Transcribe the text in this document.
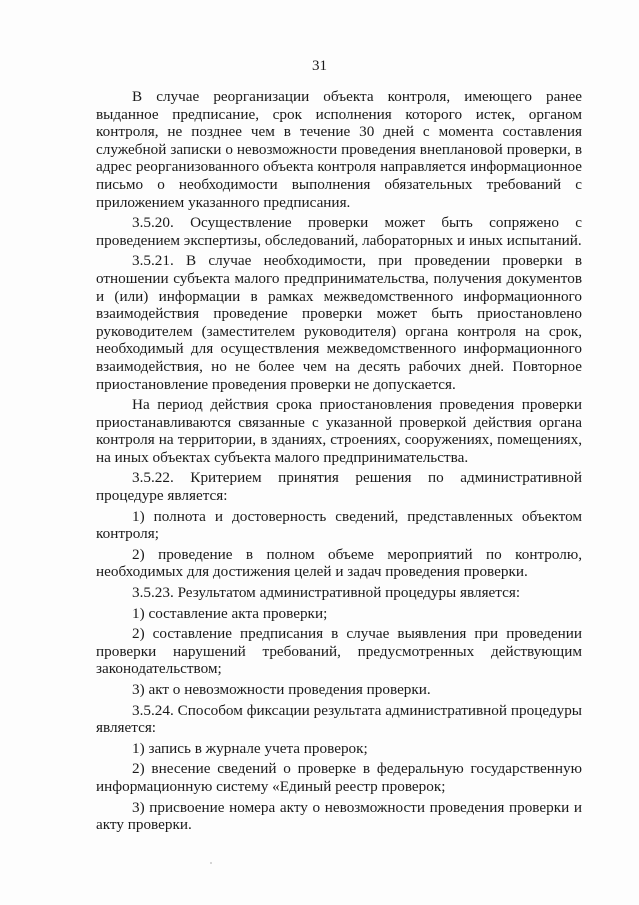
31

В случае реорганизации объекта контроля, имеющего ранее выданное предписание, срок исполнения которого истек, органом контроля, не позднее чем в течение 30 дней с момента составления служебной записки о невозможности проведения внеплановой проверки, в адрес реорганизованного объекта контроля направляется информационное письмо о необходимости выполнения обязательных требований с приложением указанного предписания.

3.5.20. Осуществление проверки может быть сопряжено с проведением экспертизы, обследований, лабораторных и иных испытаний.

3.5.21. В случае необходимости, при проведении проверки в отношении субъекта малого предпринимательства, получения документов и (или) информации в рамках межведомственного информационного взаимодействия проведение проверки может быть приостановлено руководителем (заместителем руководителя) органа контроля на срок, необходимый для осуществления межведомственного информационного взаимодействия, но не более чем на десять рабочих дней. Повторное приостановление проведения проверки не допускается.

На период действия срока приостановления проведения проверки приостанавливаются связанные с указанной проверкой действия органа контроля на территории, в зданиях, строениях, сооружениях, помещениях, на иных объектах субъекта малого предпринимательства.

3.5.22. Критерием принятия решения по административной процедуре является:

1) полнота и достоверность сведений, представленных объектом контроля;

2) проведение в полном объеме мероприятий по контролю, необходимых для достижения целей и задач проведения проверки.

3.5.23. Результатом административной процедуры является:

1) составление акта проверки;

2) составление предписания в случае выявления при проведении проверки нарушений требований, предусмотренных действующим законодательством;

3) акт о невозможности проведения проверки.

3.5.24. Способом фиксации результата административной процедуры является:

1) запись в журнале учета проверок;

2) внесение сведений о проверке в федеральную государственную информационную систему «Единый реестр проверок;

3) присвоение номера акту о невозможности проведения проверки и акту проверки.
